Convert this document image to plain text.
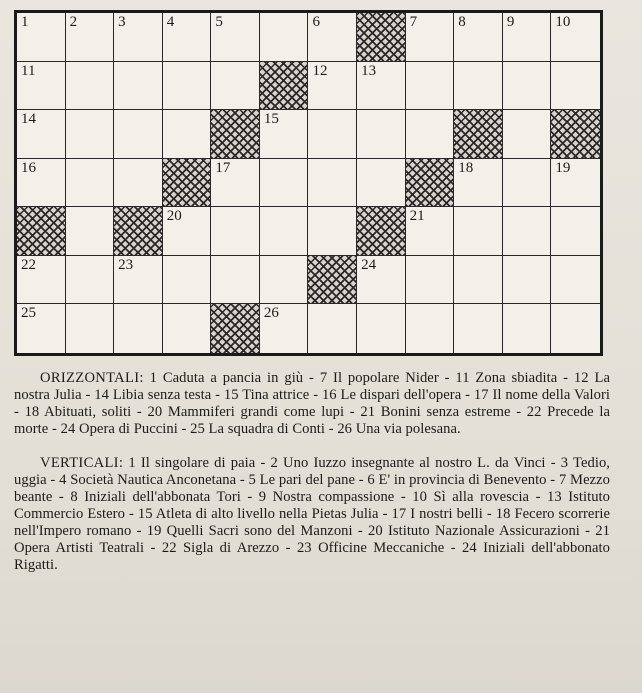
1	2	3	4	5	6	7	8	9	10
11	12 13
14	15
16	17	18	19
20	21
22	23	24
25	26

ORIZZONTALI: 1 Caduta a pancia in giù - 7 Il popolare Nider - 11 Zona sbiadita - 12 La nostra Julia - 14 Libia senza testa - 15 Tina attrice - 16 Le dispari dell'opera - 17 Il nome della Valori - 18 Abituati, soliti - 20 Mammiferi grandi come lupi - 21 Bonini senza estreme - 22 Precede la morte - 24 Opera di Puccini - 25 La squadra di Conti - 26 Una via polesana.

VERTICALI: 1 Il singolare di paia - 2 Uno Iuzzo insegnante al nostro L. da Vinci - 3 Tedio, uggia - 4 Società Nautica Anconetana - 5 Le pari del pane - 6 E' in provincia di Benevento - 7 Mezzo beante - 8 Iniziali dell'abbonata Tori - 9 Nostra compassione - 10 Sì alla rovescia - 13 Istituto Commercio Estero - 15 Atleta di alto livello nella Pietas Julia - 17 I nostri belli - 18 Fecero scorrerie nell'Impero romano - 19 Quelli Sacri sono del Manzoni - 20 Istituto Nazionale Assicurazioni - 21 Opera Artisti Teatrali - 22 Sigla di Arezzo - 23 Officine Meccaniche - 24 Iniziali dell'abbonato Rigatti.
